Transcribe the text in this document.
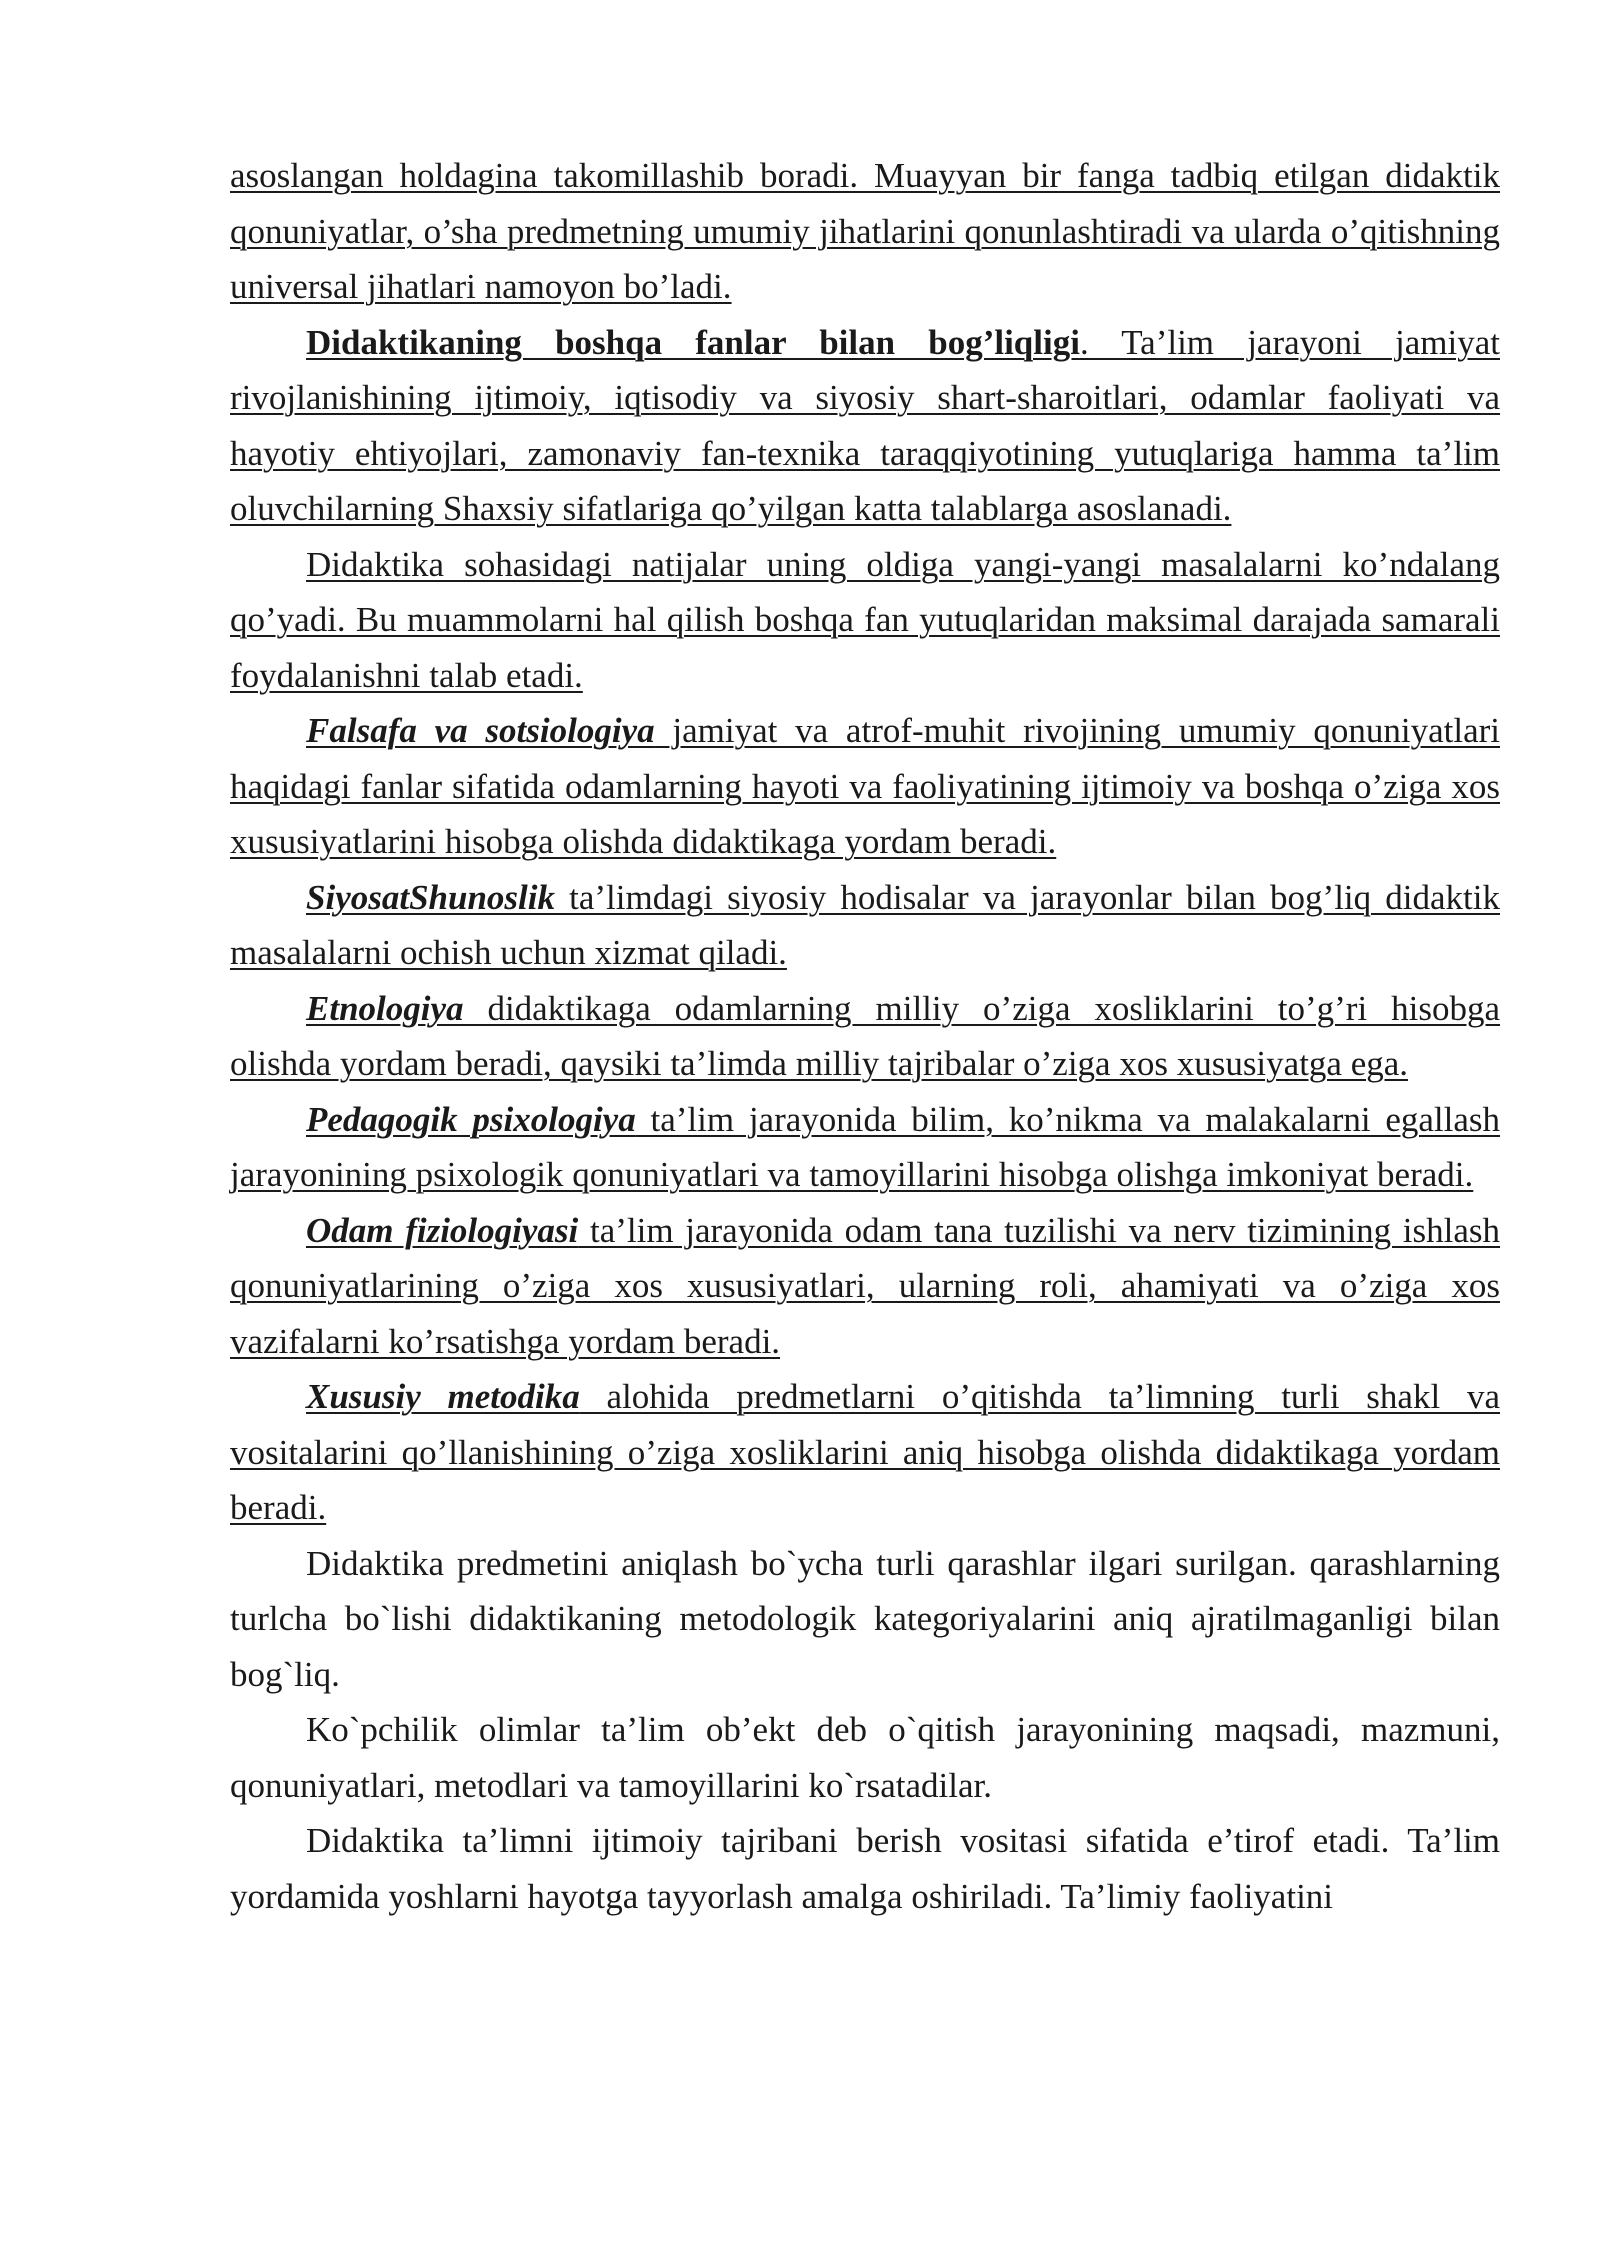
asoslangan holdagina takomillashib boradi. Muayyan bir fanga tadbiq etilgan didaktik qonuniyatlar, o’sha predmetning umumiy jihatlarini qonunlashtiradi va ularda o’qitishning universal jihatlari namoyon bo’ladi.

Didaktikaning boshqa fanlar bilan bog’liqligi. Ta’lim jarayoni jamiyat rivojlanishining ijtimoiy, iqtisodiy va siyosiy shart-sharoitlari, odamlar faoliyati va hayotiy ehtiyojlari, zamonaviy fan-texnika taraqqiyotining yutuqlariga hamma ta’lim oluvchilarning Shaxsiy sifatlariga qo’yilgan katta talablarga asoslanadi.

Didaktika sohasidagi natijalar uning oldiga yangi-yangi masalalarni ko’ndalang qo’yadi. Bu muammolarni hal qilish boshqa fan yutuqlaridan maksimal darajada samarali foydalanishni talab etadi.

Falsafa va sotsiologiya jamiyat va atrof-muhit rivojining umumiy qonuniyatlari haqidagi fanlar sifatida odamlarning hayoti va faoliyatining ijtimoiy va boshqa o’ziga xos xususiyatlarini hisobga olishda didaktikaga yordam beradi.

SiyosatShunoslik ta’limdagi siyosiy hodisalar va jarayonlar bilan bog’liq didaktik masalalarni ochish uchun xizmat qiladi.

Etnologiya didaktikaga odamlarning milliy o’ziga xosliklarini to’g’ri hisobga olishda yordam beradi, qaysiki ta’limda milliy tajribalar o’ziga xos xususiyatga ega.

Pedagogik psixologiya ta’lim jarayonida bilim, ko’nikma va malakalarni egallash jarayonining psixologik qonuniyatlari va tamoyillarini hisobga olishga imkoniyat beradi.

Odam fiziologiyasi ta’lim jarayonida odam tana tuzilishi va nerv tizimining ishlash qonuniyatlarining o’ziga xos xususiyatlari, ularning roli, ahamiyati va o’ziga xos vazifalarni ko’rsatishga yordam beradi.

Xususiy metodika alohida predmetlarni o’qitishda ta’limning turli shakl va vositalarini qo’llanishining o’ziga xosliklarini aniq hisobga olishda didaktikaga yordam beradi.

Didaktika predmetini aniqlash bo`ycha turli qarashlar ilgari surilgan. qarashlarning turlcha bo`lishi didaktikaning metodologik kategoriyalarini aniq ajratilmaganligi bilan bog`liq.

Ko`pchilik olimlar ta’lim ob’ekt deb o`qitish jarayonining maqsadi, mazmuni, qonuniyatlari, metodlari va tamoyillarini ko`rsatadilar.

Didaktika ta’limni ijtimoiy tajribani berish vositasi sifatida e’tirof etadi. Ta’lim yordamida yoshlarni hayotga tayyorlash amalga oshiriladi. Ta’limiy faoliyatini
